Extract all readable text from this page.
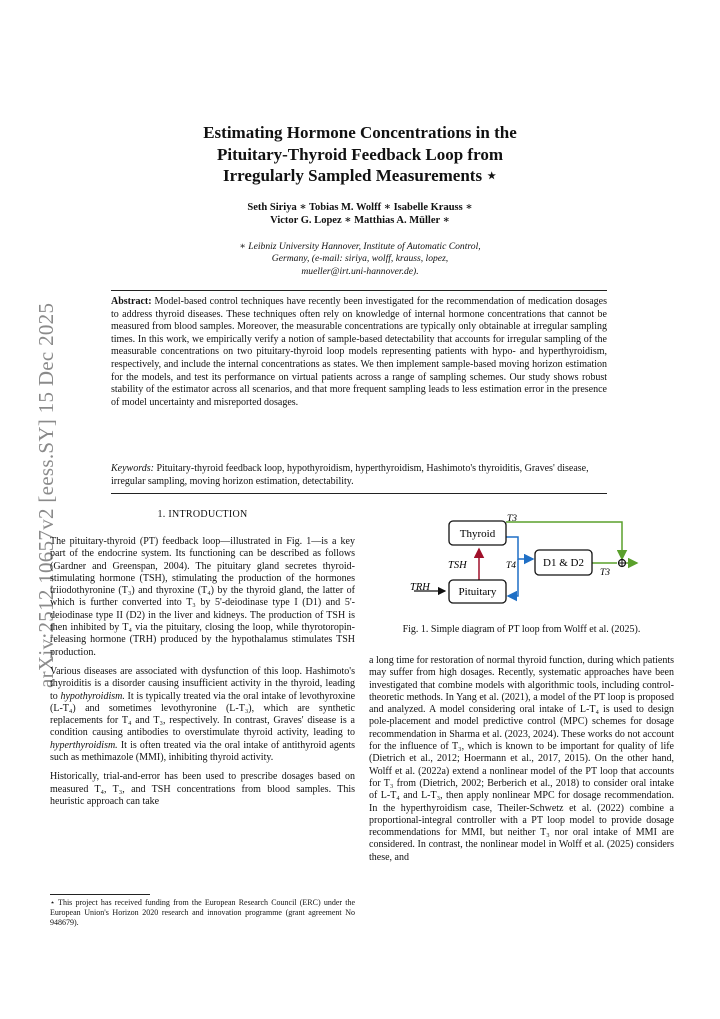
arXiv:2512.10657v2 [eess.SY] 15 Dec 2025
Estimating Hormone Concentrations in the
Pituitary-Thyroid Feedback Loop from
Irregularly Sampled Measurements ⋆
Seth Siriya ∗ Tobias M. Wolff ∗ Isabelle Krauss ∗
Victor G. Lopez ∗ Matthias A. Müller ∗
∗ Leibniz University Hannover, Institute of Automatic Control,
Germany, (e-mail: siriya, wolff, krauss, lopez,
mueller@irt.uni-hannover.de).
Abstract: Model-based control techniques have recently been investigated for the recommendation of medication dosages to address thyroid diseases. These techniques often rely on knowledge of internal hormone concentrations that cannot be measured from blood samples. Moreover, the measurable concentrations are typically only obtainable at irregular sampling times. In this work, we empirically verify a notion of sample-based detectability that accounts for irregular sampling of the measurable concentrations on two pituitary-thyroid loop models representing patients with hypo- and hyperthyroidism, respectively, and include the internal concentrations as states. We then implement sample-based moving horizon estimation for the models, and test its performance on virtual patients across a range of sampling schemes. Our study shows robust stability of the estimator across all scenarios, and that more frequent sampling leads to less estimation error in the presence of model uncertainty and misreported dosages.
Keywords: Pituitary-thyroid feedback loop, hypothyroidism, hyperthyroidism, Hashimoto's thyroiditis, Graves' disease, irregular sampling, moving horizon estimation, detectability.
1. INTRODUCTION

The pituitary-thyroid (PT) feedback loop—illustrated in Fig. 1—is a key part of the endocrine system. Its functioning can be described as follows (Gardner and Greenspan, 2004). The pituitary gland secretes thyroid-stimulating hormone (TSH), stimulating the production of the hormones triiodothyronine (T₃) and thyroxine (T₄) by the thyroid gland, the latter of which is further converted into T₃ by 5'-deiodinase type I (D1) and 5'-deiodinase type II (D2) in the liver and kidneys. The production of TSH is then inhibited by T₄ via the pituitary, closing the loop, while thyrotoropin-releasing hormone (TRH) produced by the hypothalamus stimulates TSH production.

Various diseases are associated with dysfunction of this loop. Hashimoto's thyroiditis is a disorder causing insufficient activity in the thyroid, leading to hypothyroidism. It is typically treated via the oral intake of levothyroxine (L-T₄) and sometimes levothyronine (L-T₃), which are synthetic replacements for T₄ and T₃, respectively. In contrast, Graves' disease is a condition causing antibodies to overstimulate thyroid activity, leading to hyperthyroidism. It is often treated via the oral intake of antithyroid agents such as methimazole (MMI), inhibiting thyroid activity.

Historically, trial-and-error has been used to prescribe dosages based on measured T₄, T₃, and TSH concentrations from blood samples. This heuristic approach can take

⋆ This project has received funding from the European Research Council (ERC) under the European Union's Horizon 2020 research and innovation programme (grant agreement No 948679).
Thyroid
Pituitary
D1 & D2
TSH
TRH
T3
T4
T3
Fig. 1. Simple diagram of PT loop from Wolff et al. (2025).

a long time for restoration of normal thyroid function, during which patients may suffer from high dosages. Recently, systematic approaches have been investigated that combine models with algorithmic tools, including control-theoretic methods. In Yang et al. (2021), a model of the PT loop is proposed and analyzed. A model considering oral intake of L-T₄ is used to design pole-placement and model predictive control (MPC) schemes for dosage recommendation in Sharma et al. (2023, 2024). These works do not account for the influence of T₃, which is known to be important for quality of life (Dietrich et al., 2012; Hoermann et al., 2017, 2015). On the other hand, Wolff et al. (2022a) extend a nonlinear model of the PT loop that accounts for T₃ from (Dietrich, 2002; Berberich et al., 2018) to consider oral intake of L-T₄ and L-T₃, then apply nonlinear MPC for dosage recommendation. In the hyperthyroidism case, Theiler-Schwetz et al. (2022) combine a proportional-integral controller with a PT loop model to provide dosage recommendations for MMI, but neither T₃ nor oral intake of MMI are considered. In contrast, the nonlinear model in Wolff et al. (2025) considers these, and
